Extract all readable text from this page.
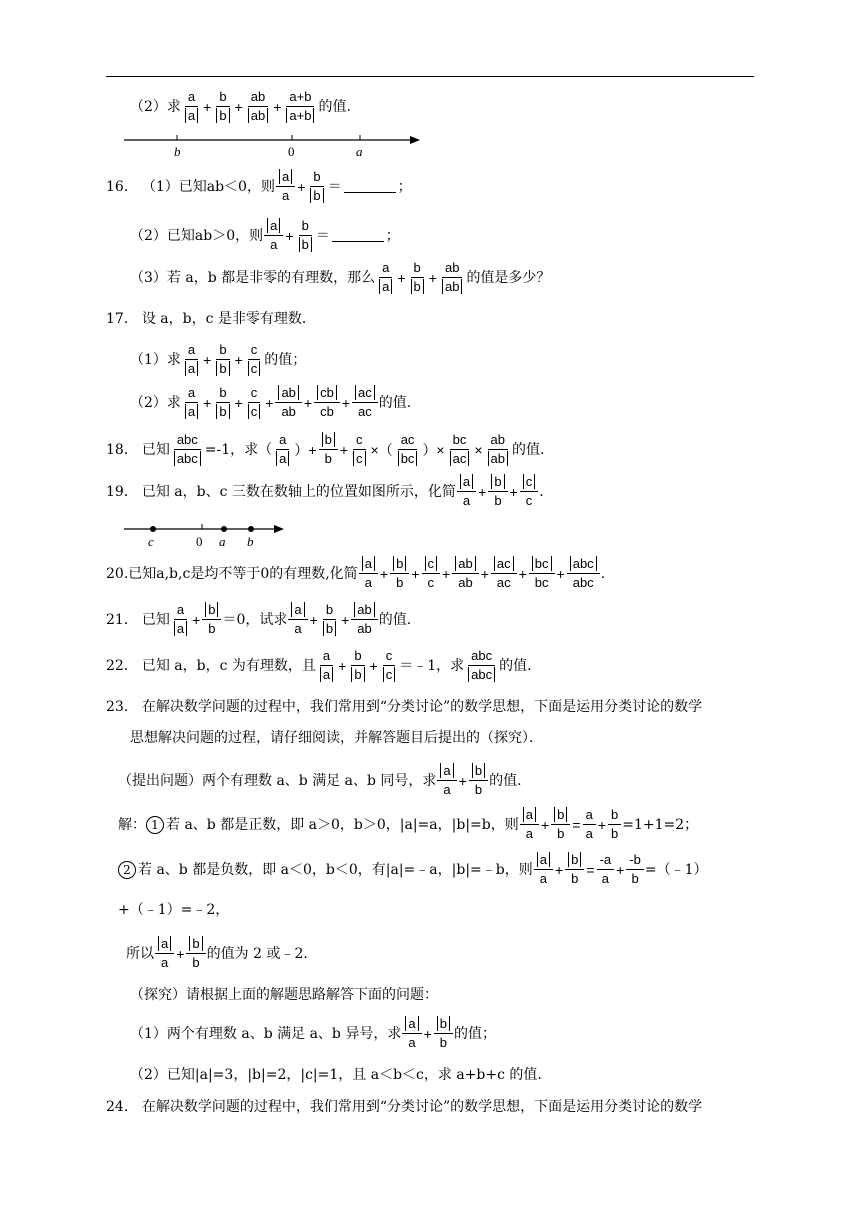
（2）求
a
a
+ $\frac{b}{b} + \frac{ab}{ab} + \frac{a+b}{a+b}$ 的值.
b	0	a
16． （1）已知 ab＜0，则
a
a
+ $\frac{b}{b}$ ＝	；
（2）已知 ab＞0，则
a
a
+ $\frac{b}{b}$ ＝	；
（3）若 a，b 都是非零的有理数，那么
a
a
+ $\frac{b}{b} + \frac{ab}{ab}$ 的值是多少？
17． 设 a，b，c 是非零有理数．
（1）求
a
a
+ $\frac{b}{b} + \frac{c}{c}$ 的值；
（2）求
a
a
+ $\frac{b}{b} + \frac{c}{c} + \frac{ab}{ab} + \frac{cb}{cb} + \frac{ac}{ac}$ 的值.
18． 已知
abc
abc
=-1，求（
a
a
）+ $\frac{b}{b} + \frac{c}{c}$ ×（
ac
bc
）× $\frac{bc}{ac} \times \frac{ab}{ab}$ 的值.
19． 已知 a，b、c 三数在数轴上的位置如图所示，化简
a
a
+ $\frac{b}{b} + \frac{c}{c}$ .
c	0 a b
20. 已知a,b,c是均不等于0的有理数,化简
a
a
+ $\frac{b}{b} + \frac{c}{c} + \frac{ab}{ab} + \frac{ac}{ac} + \frac{bc}{bc}$ +
abc
abc
.
21． 已知
a
a
+ $\frac{b}{b} =0$，试求
a
a
+ $\frac{b}{b} + \frac{ab}{ab}$ 的值.
22． 已知 a，b，c 为有理数，且
a
a
+ $\frac{b}{b} + \frac{c}{c}$ ＝﹣1，求
abc
abc
的值.
23． 在解决数学问题的过程中，我们常用到“分类讨论”的数学思想，下面是运用分类讨论的数学
思想解决问题的过程，请仔细阅读，并解答题目后提出的（探究）．
（提出问题）两个有理数 a、b 满足 a、b 同号，求
a
a
+ $\frac{b}{b}$ 的值.
解： 1 若 a、b 都是正数，即 a＞0，b＞0，|a|=a，|b|=b，则
a
a
+ $\frac{b}{b} = \frac{a}{a} + \frac{b}{b} =1+1=2$；
2 若 a、b 都是负数，即 a＜0，b＜0，有|a|=﹣a，|b|=﹣b，则
a
a
+ $\frac{b}{b} = \frac{-a}{a} + \frac{-b}{b}$ =（﹣1）
+（﹣1）=﹣2，
所以
a
a
+ $\frac{b}{b}$ 的值为 2 或﹣2.
（探究）请根据上面的解题思路解答下面的问题：
（1）两个有理数 a、b 满足 a、b 异号，求
a
a
+ $\frac{b}{b}$ 的值；
（2）已知|a|=3，|b|=2，|c|=1，且 a＜b＜c，求 a+b+c 的值.
24． 在解决数学问题的过程中，我们常用到“分类讨论”的数学思想，下面是运用分类讨论的数学
